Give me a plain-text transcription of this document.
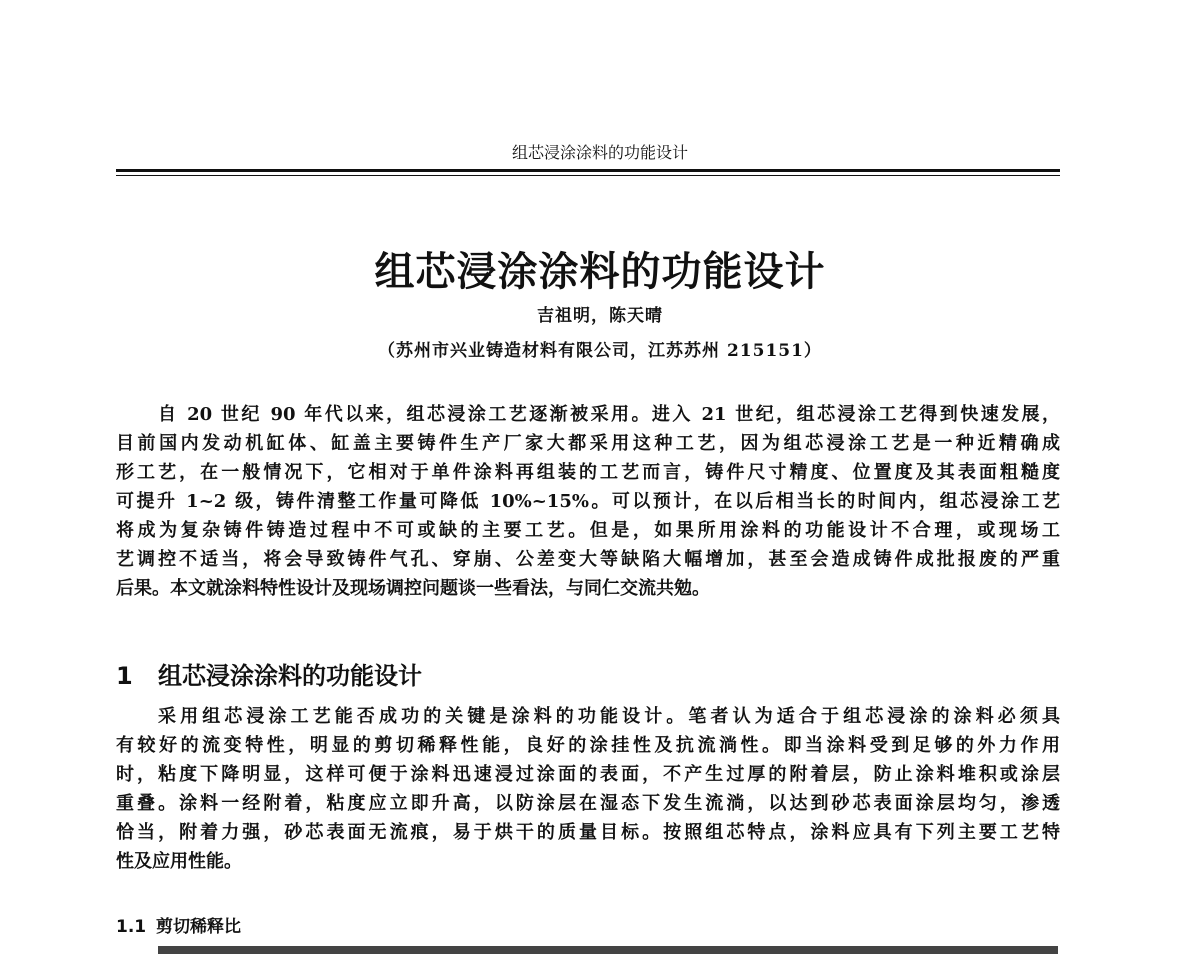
组芯浸涂涂料的功能设计
组芯浸涂涂料的功能设计
吉祖明，陈天晴
（苏州市兴业铸造材料有限公司，江苏苏州 215151）
自 20 世纪 90 年代以来，组芯浸涂工艺逐渐被采用。进入 21 世纪，组芯浸涂工艺得到快速发展，
目前国内发动机缸体、缸盖主要铸件生产厂家大都采用这种工艺，因为组芯浸涂工艺是一种近精确成
形工艺，在一般情况下，它相对于单件涂料再组装的工艺而言，铸件尺寸精度、位置度及其表面粗糙度
可提升 1~2 级，铸件清整工作量可降低 10%~15%。可以预计，在以后相当长的时间内，组芯浸涂工艺
将成为复杂铸件铸造过程中不可或缺的主要工艺。但是，如果所用涂料的功能设计不合理，或现场工
艺调控不适当，将会导致铸件气孔、穿崩、公差变大等缺陷大幅增加，甚至会造成铸件成批报废的严重
后果。本文就涂料特性设计及现场调控问题谈一些看法，与同仁交流共勉。
1 组芯浸涂涂料的功能设计
采用组芯浸涂工艺能否成功的关键是涂料的功能设计。笔者认为适合于组芯浸涂的涂料必须具
有较好的流变特性，明显的剪切稀释性能，良好的涂挂性及抗流淌性。即当涂料受到足够的外力作用
时，粘度下降明显，这样可便于涂料迅速浸过涂面的表面，不产生过厚的附着层，防止涂料堆积或涂层
重叠。涂料一经附着，粘度应立即升高，以防涂层在湿态下发生流淌，以达到砂芯表面涂层均匀，渗透
恰当，附着力强，砂芯表面无流痕，易于烘干的质量目标。按照组芯特点，涂料应具有下列主要工艺特
性及应用性能。
1.1 剪切稀释比
